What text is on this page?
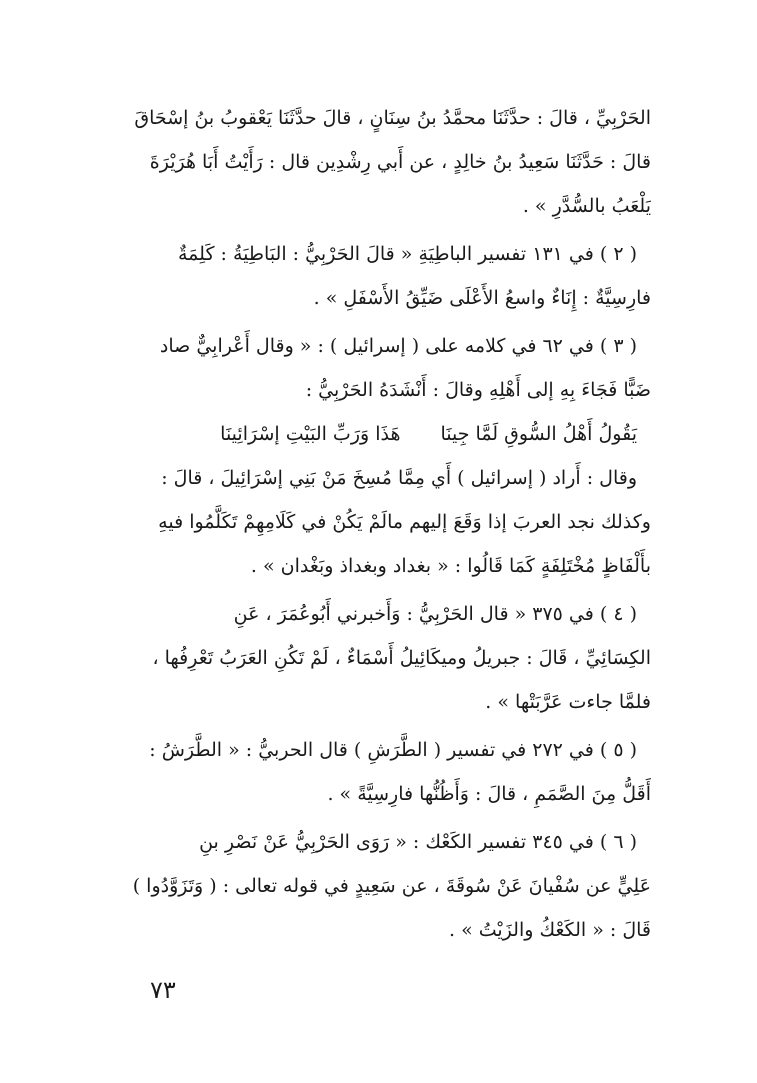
الحَرْبِيِّ ، قالَ : حدَّثَنَا محمَّدُ بنُ سِنَانٍ ، قالَ حدَّثَنَا يَعْقوبُ بنُ إسْحَاقَ
قالَ : حَدَّثَنَا سَعِيدُ بنُ خالِدٍ ، عن أَبي رِشْدِين قال : رَأَيْتُ أَبَا هُرَيْرَةَ
يَلْعَبُ بالسُّدَّرِ » .
( ٢ ) في ١٣١ تفسير الباطِيَةِ « قالَ الحَرْبِيُّ : البَاطِيَةُ : كَلِمَةٌ
فارِسِيَّةٌ : إِنَاءٌ واسعُ الأَعْلَى ضَيِّقُ الأَسْفَلِ » .
( ٣ ) في ٦٢ في كلامه على ( إسرائيل ) : « وقال أَعْرابِيٌّ صاد
ضَبًّا فَجَاءَ بِهِ إلى أَهْلِهِ وقالَ : أَنْشَدَهُ الحَرْبِيُّ :
يَقُولُ أَهْلُ السُّوقِ لَمَّا جِينَاهَذَا وَرَبِّ البَيْتِ إسْرَائِينَا
وقال : أَراد ( إسرائيل ) أَي مِمَّا مُسِخَ مَنْ بَنِي إسْرَائِيلَ ، قالَ :
وكذلك نجد العربَ إذا وَقَعَ إليهم مالَمْ يَكُنْ في كَلَامِهِمْ تَكَلَّمُوا فيهِ
بأَلْفَاظٍ مُخْتَلِفَةٍ كَمَا قَالُوا : « بغداد وبغداذ وبَغْدان » .
( ٤ ) في ٣٧٥ « قال الحَرْبِيُّ : وَأَخبرني أَبُوعُمَرَ ، عَنِ
الكِسَائِيِّ ، قَالَ : جبريلُ وميكَائِيلُ أَسْمَاءٌ ، لَمْ تَكُنِ العَرَبُ تَعْرِفُها ،
فلمَّا جاءت عَرَّبَتْها » .
( ٥ ) في ٢٧٢ في تفسير ( الطَّرَشِ ) قال الحربيُّ : « الطَّرَشُ :
أَقَلُّ مِنَ الصَّمَمِ ، قالَ : وَأَظُنُّها فارِسِيَّةً » .
( ٦ ) في ٣٤٥ تفسير الكَعْك : « رَوَى الحَرْبِيُّ عَنْ نَصْرِ بنِ
عَلِيٍّ عن سُفْيانَ عَنْ سُوقَةَ ، عن سَعِيدٍ في قوله تعالى : ( وَتَزَوَّدُوا )
قَالَ : « الكَعْكُ والزَيْتُ » .
٧٣
